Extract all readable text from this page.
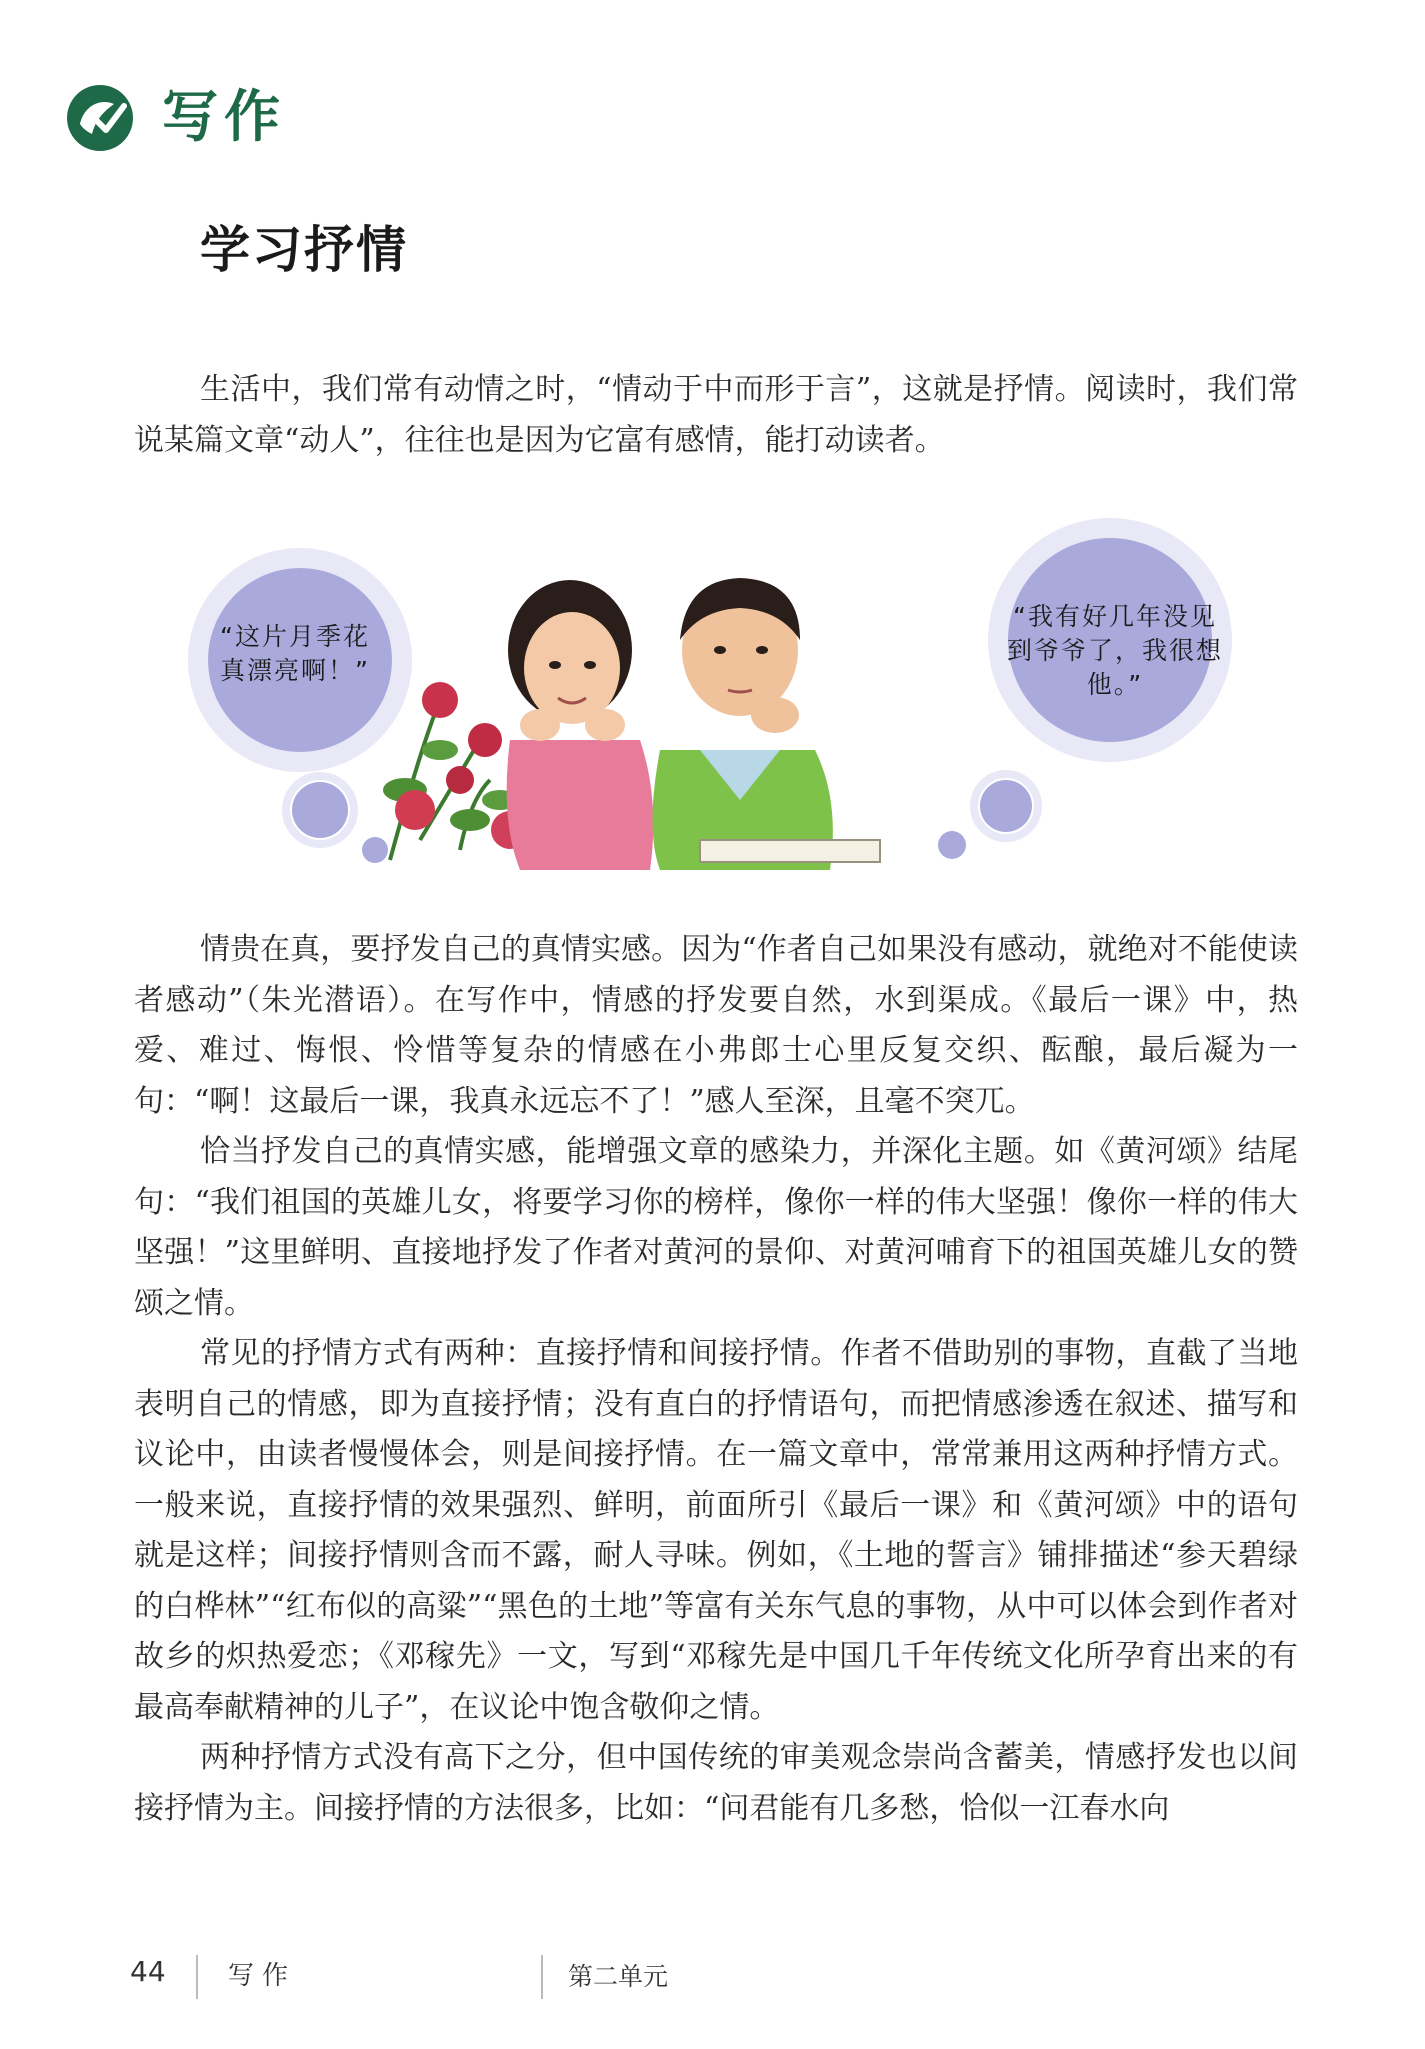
写作
学习抒情

生活中，我们常有动情之时，“情动于中而形于言”，这就是抒情。阅读时，我们常说某篇文章“动人”，往往也是因为它富有感情，能打动读者。

“这片月季花真漂亮啊！”
“我有好几年没见到爷爷了，我很想他。”

情贵在真，要抒发自己的真情实感。因为“作者自己如果没有感动，就绝对不能使读者感动”（朱光潜语）。在写作中，情感的抒发要自然，水到渠成。《最后一课》中，热爱、难过、悔恨、怜惜等复杂的情感在小弗郎士心里反复交织、酝酿，最后凝为一句：“啊！这最后一课，我真永远忘不了！”感人至深，且毫不突兀。

恰当抒发自己的真情实感，能增强文章的感染力，并深化主题。如《黄河颂》结尾句：“我们祖国的英雄儿女，将要学习你的榜样，像你一样的伟大坚强！像你一样的伟大坚强！”这里鲜明、直接地抒发了作者对黄河的景仰、对黄河哺育下的祖国英雄儿女的赞颂之情。

常见的抒情方式有两种：直接抒情和间接抒情。作者不借助别的事物，直截了当地表明自己的情感，即为直接抒情；没有直白的抒情语句，而把情感渗透在叙述、描写和议论中，由读者慢慢体会，则是间接抒情。在一篇文章中，常常兼用这两种抒情方式。一般来说，直接抒情的效果强烈、鲜明，前面所引《最后一课》和《黄河颂》中的语句就是这样；间接抒情则含而不露，耐人寻味。例如，《土地的誓言》铺排描述“参天碧绿的白桦林”“红布似的高粱”“黑色的土地”等富有关东气息的事物，从中可以体会到作者对故乡的炽热爱恋；《邓稼先》一文，写到“邓稼先是中国几千年传统文化所孕育出来的有最高奉献精神的儿子”，在议论中饱含敬仰之情。

两种抒情方式没有高下之分，但中国传统的审美观念崇尚含蓄美，情感抒发也以间接抒情为主。间接抒情的方法很多，比如：“问君能有几多愁，恰似一江春水向

44 写作	第二单元
